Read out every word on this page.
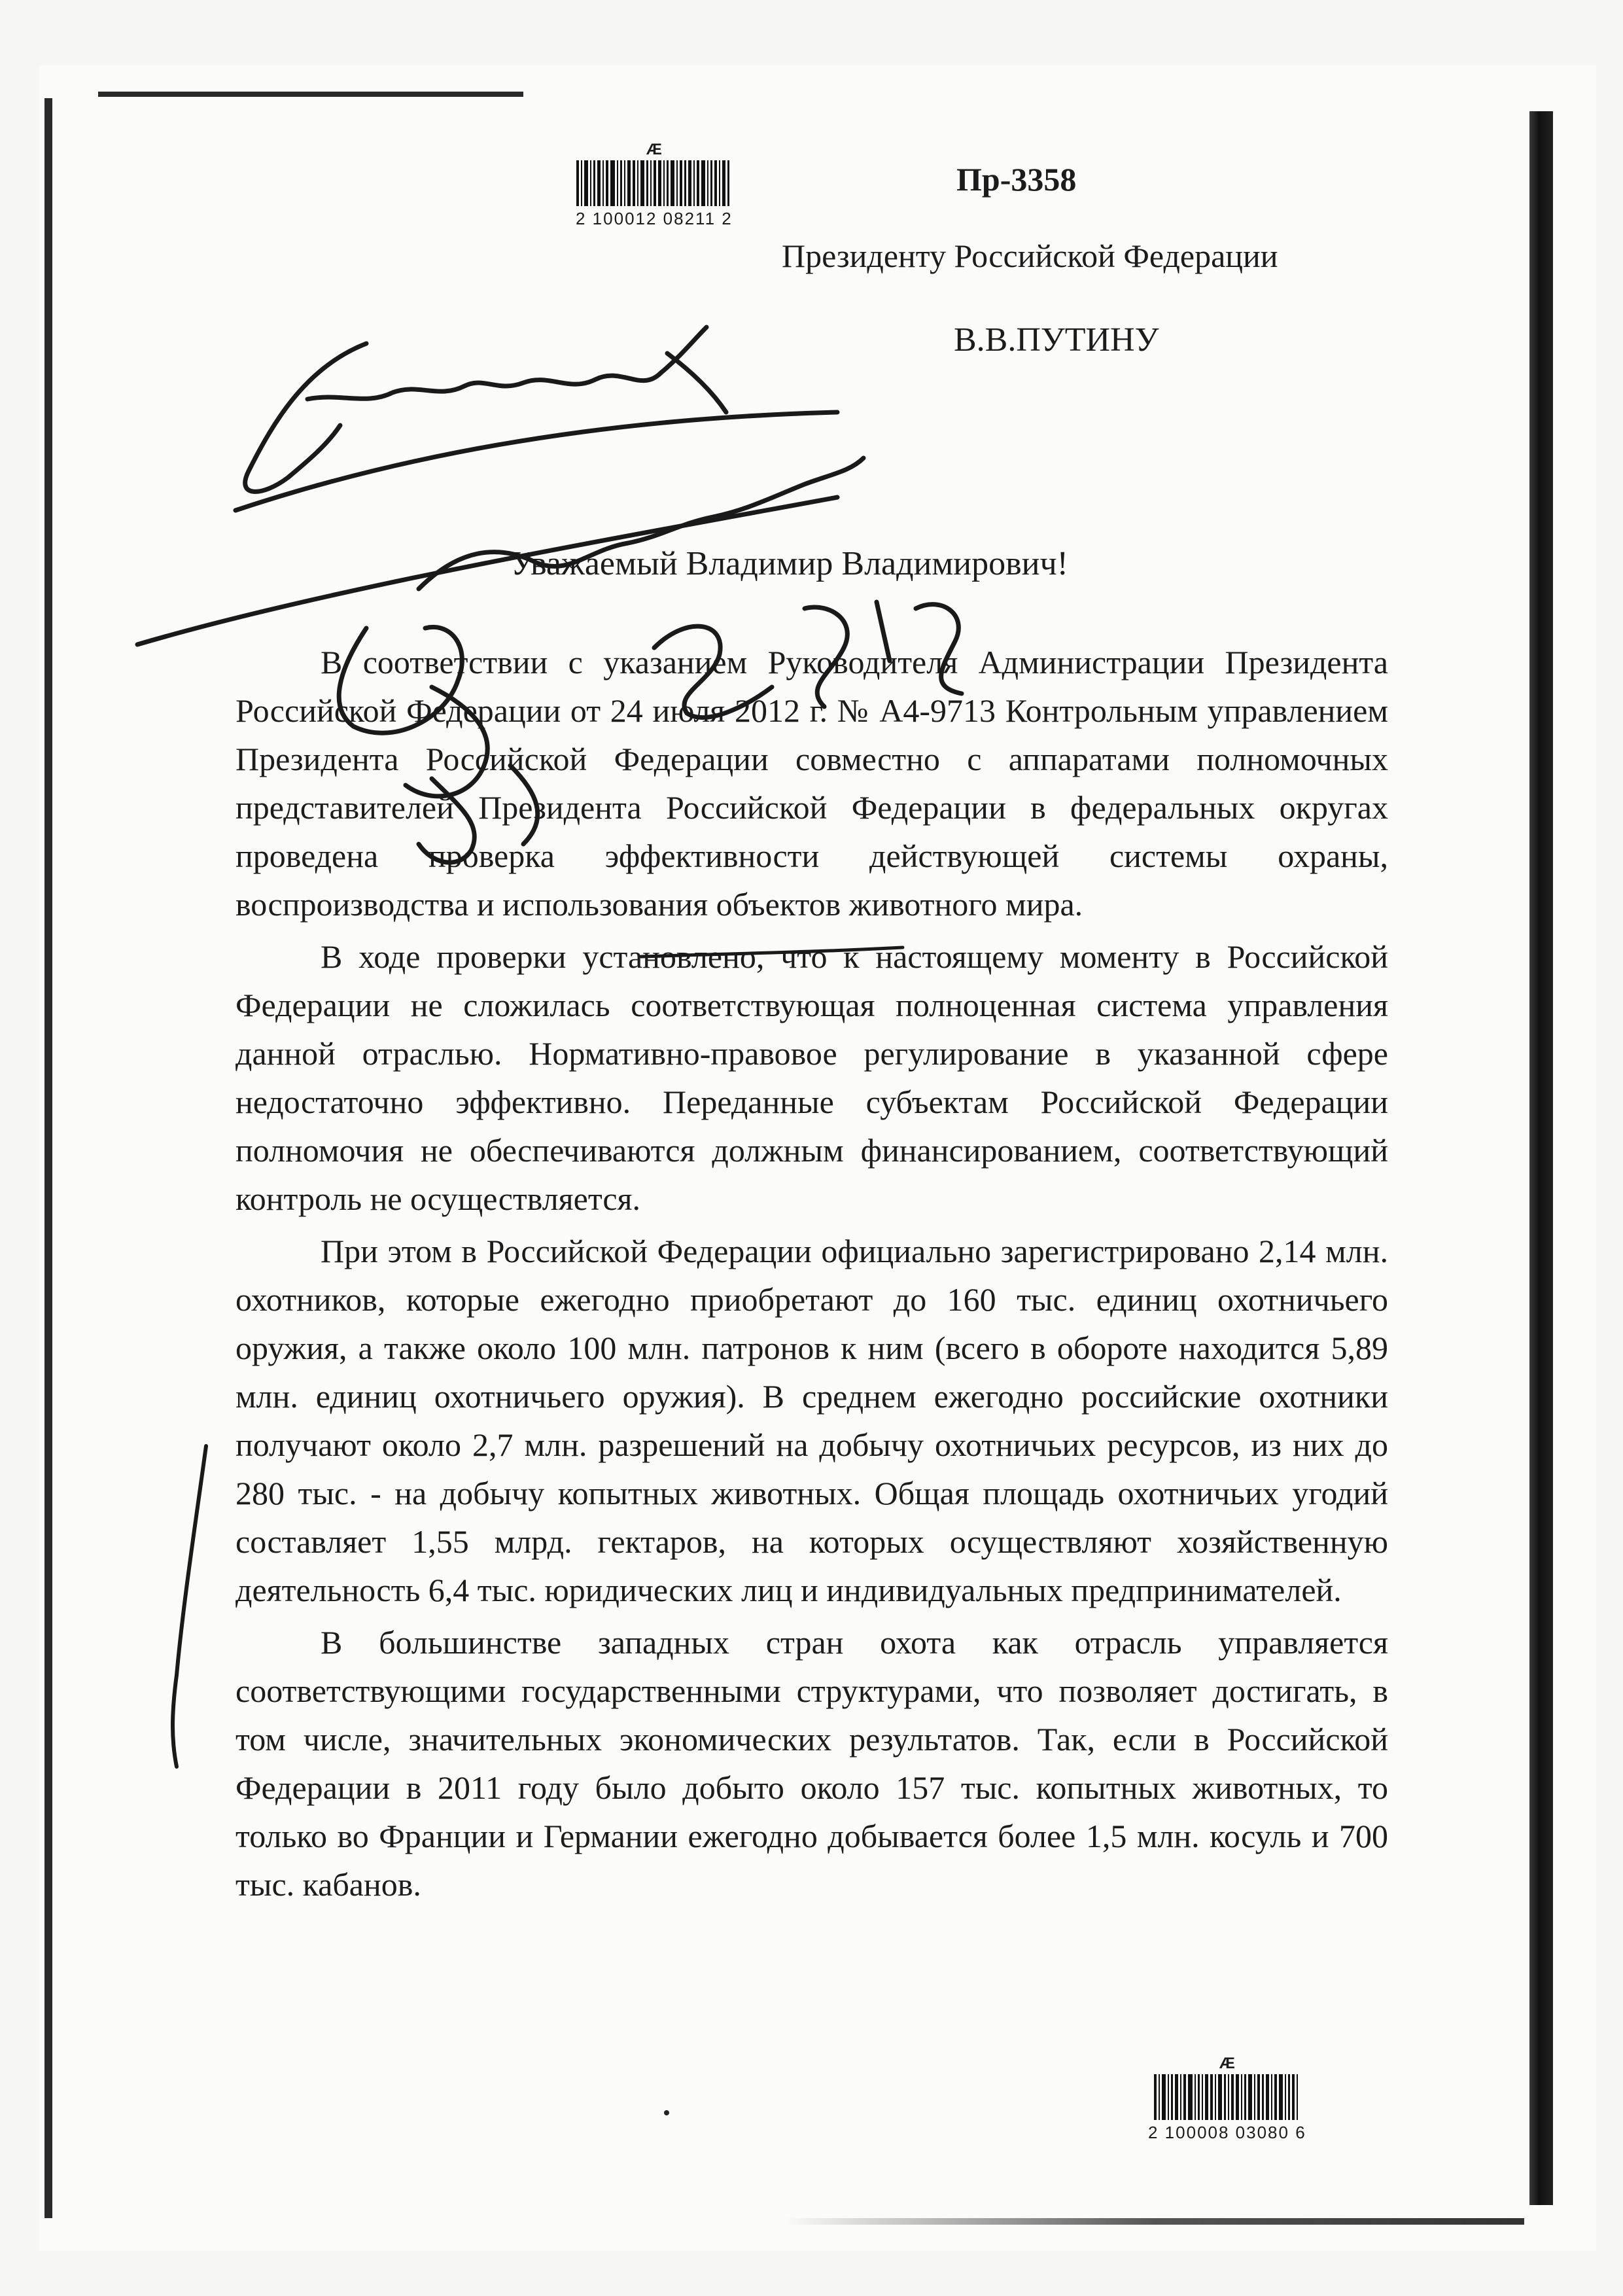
Æ
2 100012 08211 2
Пр-3358
Президенту Российской Федерации
В.В.ПУТИНУ
Уважаемый Владимир Владимирович!

В соответствии с указанием Руководителя Администрации Президента Российской Федерации от 24 июля 2012 г. № А4-9713 Контрольным управлением Президента Российской Федерации совместно с аппаратами полномочных представителей Президента Российской Федерации в федеральных округах проведена проверка эффективности действующей системы охраны, воспроизводства и использования объектов животного мира.

В ходе проверки установлено, что к настоящему моменту в Российской Федерации не сложилась соответствующая полноценная система управления данной отраслью. Нормативно-правовое регулирование в указанной сфере недостаточно эффективно. Переданные субъектам Российской Федерации полномочия не обеспечиваются должным финансированием, соответствующий контроль не осуществляется.

При этом в Российской Федерации официально зарегистрировано 2,14 млн. охотников, которые ежегодно приобретают до 160 тыс. единиц охотничьего оружия, а также около 100 млн. патронов к ним (всего в обороте находится 5,89 млн. единиц охотничьего оружия). В среднем ежегодно российские охотники получают около 2,7 млн. разрешений на добычу охотничьих ресурсов, из них до 280 тыс. - на добычу копытных животных. Общая площадь охотничьих угодий составляет 1,55 млрд. гектаров, на которых осуществляют хозяйственную деятельность 6,4 тыс. юридических лиц и индивидуальных предпринимателей.

В большинстве западных стран охота как отрасль управляется соответствующими государственными структурами, что позволяет достигать, в том числе, значительных экономических результатов. Так, если в Российской Федерации в 2011 году было добыто около 157 тыс. копытных животных, то только во Франции и Германии ежегодно добывается более 1,5 млн. косуль и 700 тыс. кабанов.

Æ
2 100008 03080 6
